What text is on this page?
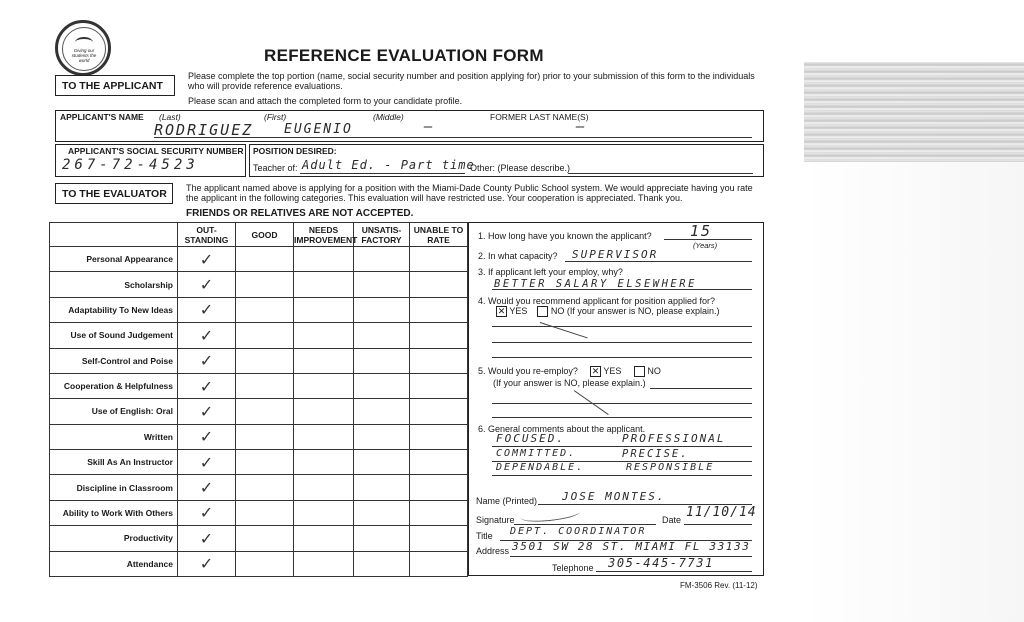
Giving our students the world	REFERENCE EVALUATION FORM
TO THE APPLICANT
Please complete the top portion (name, social security number and position applying for) prior to your submission of this form to the individuals who will provide reference evaluations.
Please scan and attach the completed form to your candidate profile.
APPLICANT'S NAME (Last)	(First)	(Middle)	FORMER LAST NAME(S)
RODRIGUEZ EUGENIO	—	—
APPLICANT'S SOCIAL SECURITY NUMBER
267-72-4523
POSITION DESIRED:
Teacher of: Adult Ed. - Part time
Other: (Please describe.)
TO THE EVALUATOR	The applicant named above is applying for a position with the Miami-Dade County Public School system. We would appreciate having you rate the applicant in the following categories. This evaluation will have restricted use. Your cooperation is appreciated. Thank you.
FRIENDS OR RELATIVES ARE NOT ACCEPTED.
	OUT-STANDING	GOOD	NEEDS IMPROVEMENT	UNSATIS-FACTORY	UNABLE TO RATE
Personal Appearance	✓				

Scholarship	✓				

Adaptability To New Ideas	✓				

Use of Sound Judgement	✓				

Self-Control and Poise	✓				

Cooperation & Helpfulness	✓				

Use of English: Oral	✓				

Written	✓				

Skill As An Instructor	✓				

Discipline in Classroom	✓				

Ability to Work With Others	✓				

Productivity	✓				

Attendance	✓				

1. How long have you known the applicant?	15
(Years)
2. In what capacity? SUPERVISOR
3. If applicant left your employ, why?
BETTER SALARY ELSEWHERE
4. Would you recommend applicant for position applied for?
✕ YES	NO (If your answer is NO, please explain.)
5. Would you re-employ? ✕ YES	NO
(If your answer is NO, please explain.)
6. General comments about the applicant.
FOCUSED.	PROFESSIONAL
COMMITTED.	PRECISE.
DEPENDABLE.	RESPONSIBLE
Name (Printed) JOSE MONTES.
Signature	Date 11/10/14
Title DEPT. COORDINATOR
Address 3501 SW 28 ST. MIAMI FL 33133
Telephone 305-445-7731
FM-3506 Rev. (11-12)
